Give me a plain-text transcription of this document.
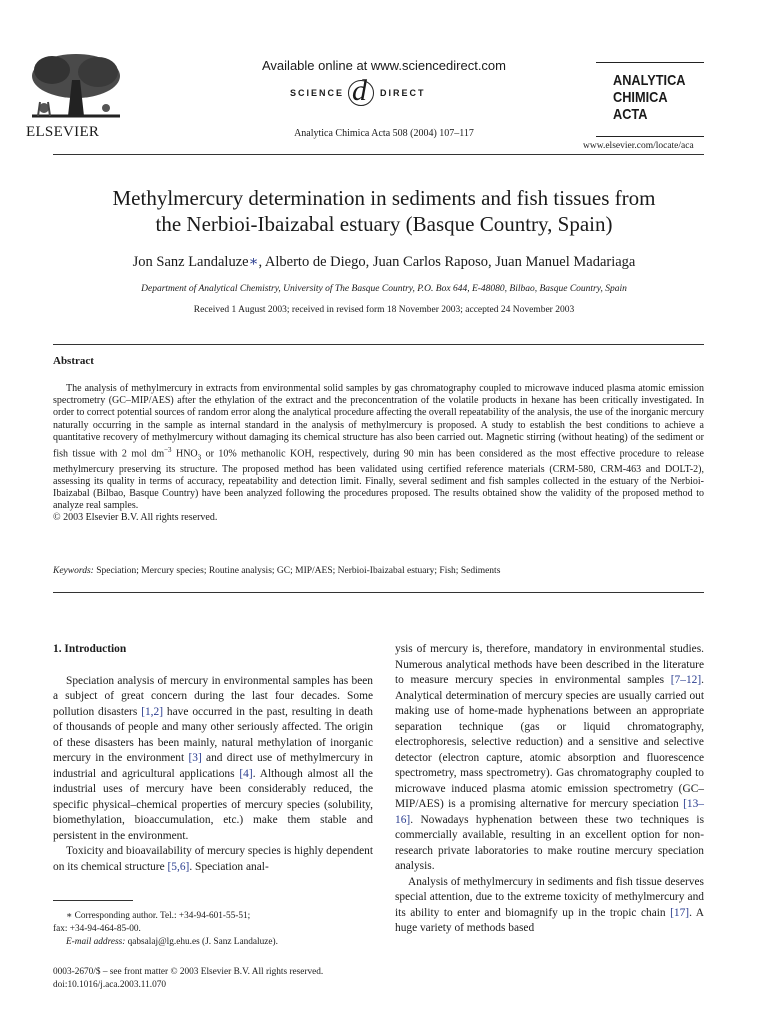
ELSEVIER
Available online at www.sciencedirect.com
SCIENCE d DIRECT
Analytica Chimica Acta 508 (2004) 107–117
ANALYTICA
CHIMICA
ACTA
www.elsevier.com/locate/aca
Methylmercury determination in sediments and fish tissues from
the Nerbioi-Ibaizabal estuary (Basque Country, Spain)
Jon Sanz Landaluze∗, Alberto de Diego, Juan Carlos Raposo, Juan Manuel Madariaga
Department of Analytical Chemistry, University of The Basque Country, P.O. Box 644, E-48080, Bilbao, Basque Country, Spain
Received 1 August 2003; received in revised form 18 November 2003; accepted 24 November 2003
Abstract

The analysis of methylmercury in extracts from environmental solid samples by gas chromatography coupled to microwave induced plasma atomic emission spectrometry (GC–MIP/AES) after the ethylation of the extract and the preconcentration of the volatile products in hexane has been critically investigated. In order to correct potential sources of random error along the analytical procedure affecting the overall repeatability of the analysis, the use of the inorganic mercury naturally occurring in the sample as internal standard in the analysis of methylmercury is proposed. A study to establish the best conditions to achieve a quantitative recovery of methylmercury without damaging its chemical structure has also been carried out. Magnetic stirring (without heating) of the sediment or fish tissue with 2 mol $dm^{-3}$ $HNO_3$ or 10% methanolic KOH, respectively, during 90 min has been considered as the most effective procedure to release methylmercury preserving its structure. The proposed method has been validated using certified reference materials (CRM-580, CRM-463 and DOLT-2), assessing its quality in terms of accuracy, repeatability and detection limit. Finally, several sediment and fish samples collected in the estuary of the Nerbioi-Ibaizabal (Bilbao, Basque Country) have been analyzed following the procedures proposed. The results obtained show the validity of the proposed method to analyze real samples.

© 2003 Elsevier B.V. All rights reserved.

Keywords: Speciation; Mercury species; Routine analysis; GC; MIP/AES; Nerbioi-Ibaizabal estuary; Fish; Sediments
1. Introduction

Speciation analysis of mercury in environmental samples has been a subject of great concern during the last four decades. Some pollution disasters [1,2] have occurred in the past, resulting in death of thousands of people and many other seriously affected. The origin of these disasters has been mainly, natural methylation of inorganic mercury in the environment [3] and direct use of methylmercury in industrial and agricultural applications [4]. Although almost all the industrial uses of mercury have been considerably reduced, the specific physical–chemical properties of mercury species (solubility, biomethylation, bioaccumulation, etc.) make them stable and persistent in the environment.

Toxicity and bioavailability of mercury species is highly dependent on its chemical structure [5,6]. Speciation anal-

∗ Corresponding author. Tel.: +34-94-601-55-51;
fax: +34-94-464-85-00.
E-mail address: qabsalaj@lg.ehu.es (J. Sanz Landaluze).
0003-2670/$ – see front matter © 2003 Elsevier B.V. All rights reserved.
doi:10.1016/j.aca.2003.11.070

ysis of mercury is, therefore, mandatory in environmental studies. Numerous analytical methods have been described in the literature to measure mercury species in environmental samples [7–12]. Analytical determination of mercury species are usually carried out making use of home-made hyphenations between an appropriate separation technique (gas or liquid chromatography, electrophoresis, selective reduction) and a sensitive and selective detector (electron capture, atomic absorption and fluorescence spectrometry, mass spectrometry). Gas chromatography coupled to microwave induced plasma atomic emission spectrometry (GC–MIP/AES) is a promising alternative for mercury speciation [13–16]. Nowadays hyphenation between these two techniques is commercially available, resulting in an excellent option for non-research private laboratories to make routine mercury speciation analysis.

Analysis of methylmercury in sediments and fish tissue deserves special attention, due to the extreme toxicity of methylmercury and its ability to enter and biomagnify up in the tropic chain [17]. A huge variety of methods based
